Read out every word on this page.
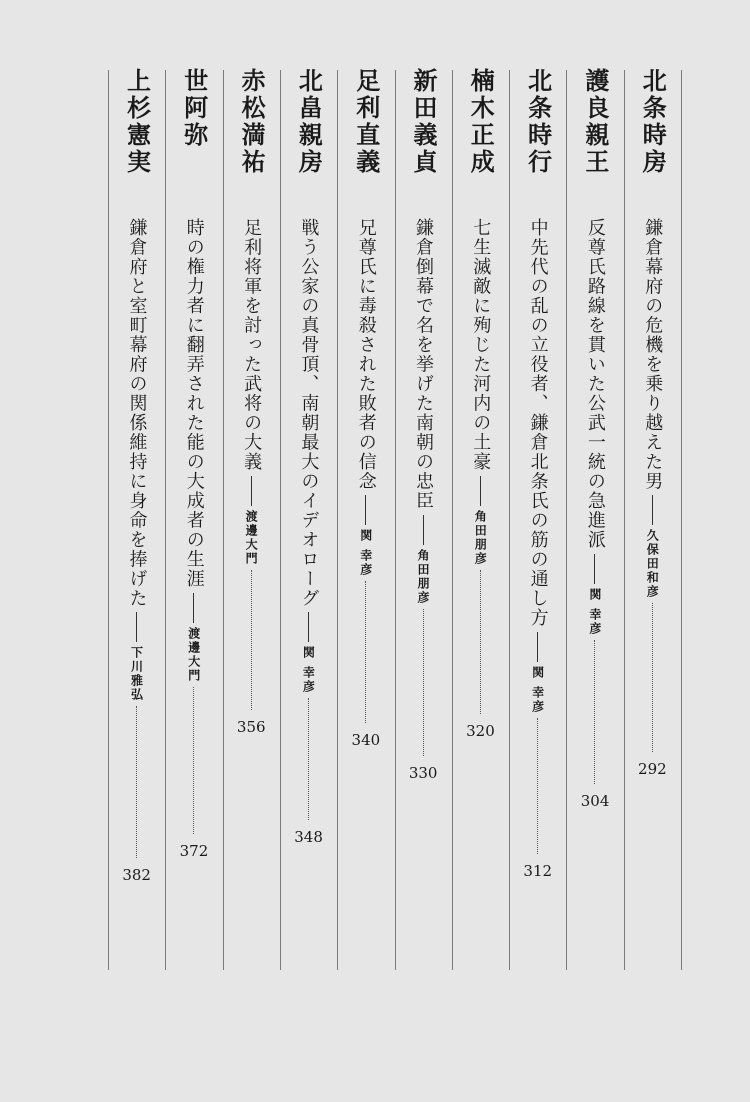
北条時房
鎌倉幕府の危機を乗り越えた男
久保田和彦
292
護良親王
反尊氏路線を貫いた公武一統の急進派
関 幸彦
304
北条時行
中先代の乱の立役者、鎌倉北条氏の筋の通し方
関 幸彦
312
楠木正成
七生滅敵に殉じた河内の土豪
角田朋彦
320
新田義貞
鎌倉倒幕で名を挙げた南朝の忠臣
角田朋彦
330
足利直義
兄尊氏に毒殺された敗者の信念
関 幸彦
340
北畠親房
戦う公家の真骨頂、南朝最大のイデオローグ
関 幸彦
348
赤松満祐
足利将軍を討った武将の大義
渡邊大門
356
世阿弥
時の権力者に翻弄された能の大成者の生涯
渡邊大門
372
上杉憲実
鎌倉府と室町幕府の関係維持に身命を捧げた
下川雅弘
382
